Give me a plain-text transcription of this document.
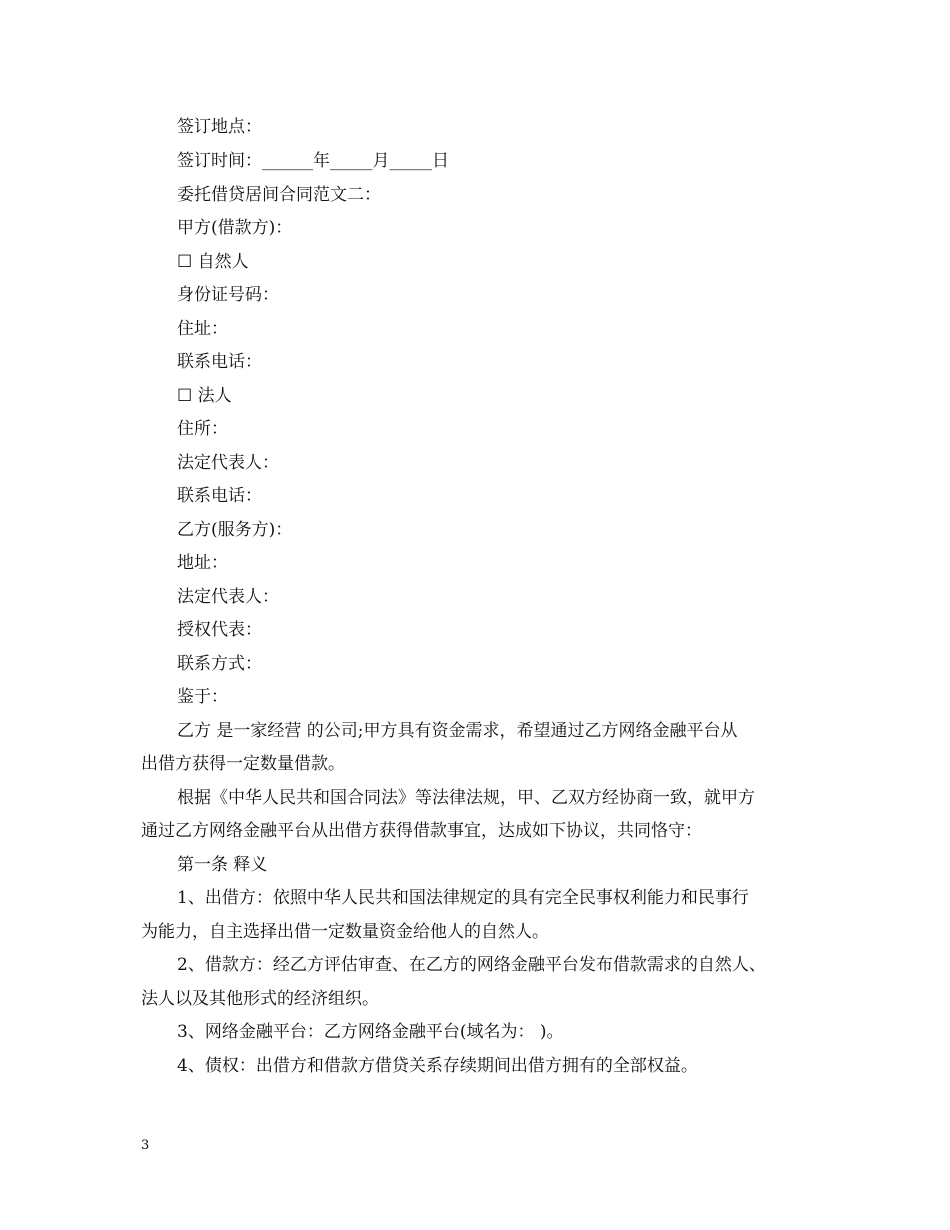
签订地点：
签订时间：______年_____月_____日
委托借贷居间合同范文二：
甲方(借款方)：
☐ 自然人
身份证号码：
住址：
联系电话：
☐ 法人
住所：
法定代表人：
联系电话：
乙方(服务方)：
地址：
法定代表人：
授权代表：
联系方式：
鉴于：
乙方 是一家经营 的公司;甲方具有资金需求，希望通过乙方网络金融平台从
出借方获得一定数量借款。
根据《中华人民共和国合同法》等法律法规，甲、乙双方经协商一致，就甲方
通过乙方网络金融平台从出借方获得借款事宜，达成如下协议，共同恪守：
第一条 释义
1、出借方：依照中华人民共和国法律规定的具有完全民事权利能力和民事行
为能力，自主选择出借一定数量资金给他人的自然人。
2、借款方：经乙方评估审查、在乙方的网络金融平台发布借款需求的自然人、
法人以及其他形式的经济组织。
3、网络金融平台：乙方网络金融平台(域名为： )。
4、债权：出借方和借款方借贷关系存续期间出借方拥有的全部权益。
3
